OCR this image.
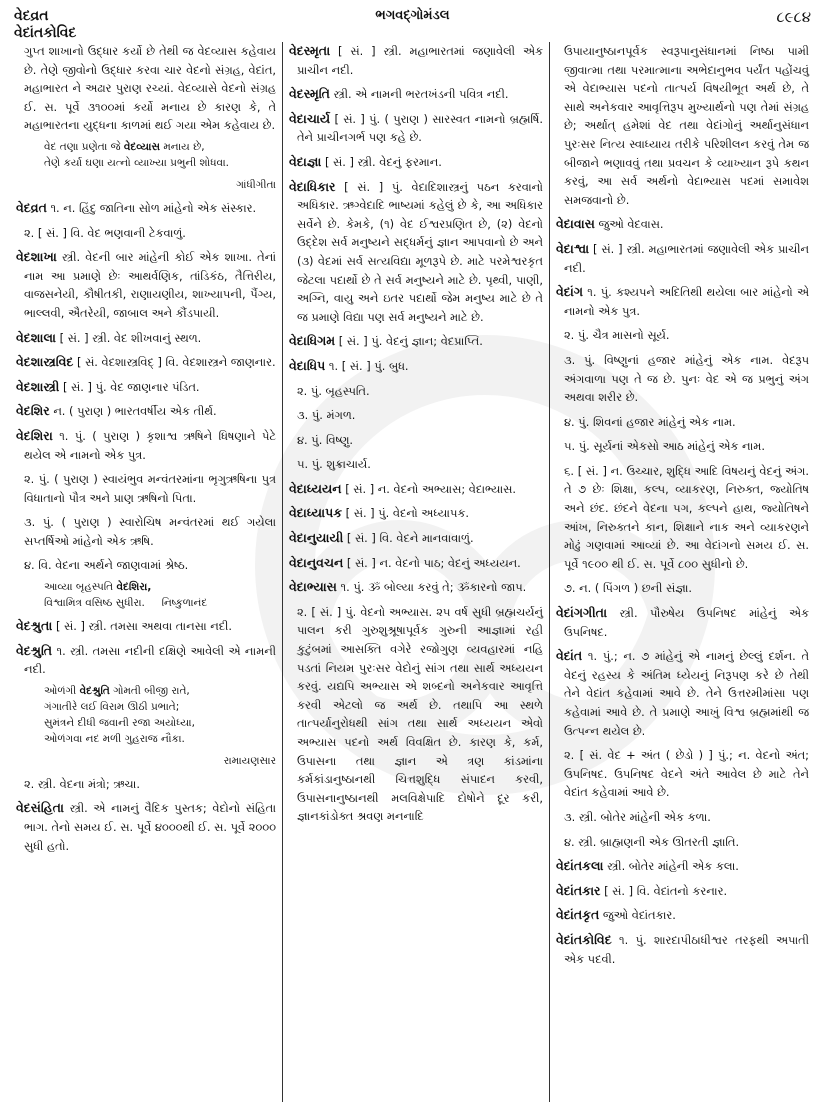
વેદવ્રત
વેદાંતકોવિદ
ભગવદ્ગોમંડલ	૮૯૮૪
ગુપ્ત શાખાનો ઉદ્ધાર કર્યો છે તેથી જ વેદવ્યાસ કહેવાય છે. તેણે જીવોનો ઉદ્ધાર કરવા ચાર વેદનો સંગ્રહ, વેદાંત, મહાભારત ને અઢાર પુરાણ રચ્યાં. વેદવ્યાસે વેદનો સંગ્રહ ઈ. સ. પૂર્વે ૩૧૦૦માં કર્યો મનાય છે કારણ કે, તે મહાભારતના યુદ્ધના કાળમાં થઈ ગયા એમ કહેવાય છે.
વેદ તણા પ્રણેતા જે વેદવ્યાસ મનાય છે,
તેણે કર્યા ઘણા યત્નો વ્યાખ્યા પ્રભુની શોધવા.
ગાંધીગીતા
વેદવ્રત ૧. ન. હિંદુ જાતિના સોળ માંહેનો એક સંસ્કાર.
૨. [ સં. ] વિ. વેદ ભણવાની ટેકવાળું.
વેદશાખા સ્ત્રી. વેદની બાર માંહેની કોઈ એક શાખા. તેનાં નામ આ પ્રમાણે છેઃ આથર્વણિક, તાંડિકંઠ, તૈત્તિરીય, વાજસનેયી, કૌષીતકી, રાણાયણીય, શાખ્યાપની, પૈંગ્ય, ભાલ્લવી, ઐતરેયી, જાબાલ અને કૌંડપાયી.
વેદશાલા [ સં. ] સ્ત્રી. વેદ શીખવાનું સ્થળ.
વેદશાસ્ત્રવિદ [ સં. વેદશાસ્ત્રવિદ્ ] વિ. વેદશાસ્ત્રને જાણનાર.
વેદશાસ્ત્રી [ સં. ] પું. વેદ જાણનાર પંડિત.
વેદશિર ન. ( પુરાણ ) ભારતવર્ષીય એક તીર્થ.
વેદશિરા ૧. પું. ( પુરાણ ) કૃશાશ્વ ઋષિને ધિષણાને પેટે થયેલ એ નામનો એક પુત્ર.
૨. પું. ( પુરાણ ) સ્વાયંભુવ મન્વંતરમાંના ભૃગુઋષિના પુત્ર વિધાતાનો પૌત્ર અને પ્રાણ ઋષિનો પિતા.
૩. પું. ( પુરાણ ) સ્વારોચિષ મન્વંતરમાં થઈ ગયેલા સપ્તર્ષિઓ માંહેનો એક ઋષિ.
૪. વિ. વેદના અર્થને જાણવામાં શ્રેષ્ઠ.
આવ્યા બૃહસ્પતિ વેદશિરા,
વિશ્વામિત્ર વસિષ્ઠ સુધીરા. નિષ્કુળાનંદ
વેદશ્રુતા [ સં. ] સ્ત્રી. તમસા અથવા તાનસા નદી.
વેદશ્રુતિ ૧. સ્ત્રી. તમસા નદીની દક્ષિણે આવેલી એ નામની નદી.
ઓળંગી વેદશ્રુતિ ગોમતી બીજી રાતે,
ગંગાતીરે લઈ વિરામ ઊઠી પ્રભાતે;
સુમંત્રને દીધી જવાની રજા અયોધ્યા,
ઓળંગવા નદ મળી ગુહરાજ નૌકા.
રામાયણસાર
૨. સ્ત્રી. વેદના મંત્રો; ઋચા.
વેદસંહિતા સ્ત્રી. એ નામનું વૈદિક પુસ્તક; વેદોનો સંહિતા ભાગ. તેનો સમય ઈ. સ. પૂર્વે ૪૦૦૦થી ઈ. સ. પૂર્વે ૨૦૦૦ સુધી હતો.
વેદસ્મૃતા [ સં. ] સ્ત્રી. મહાભારતમાં જણાવેલી એક પ્રાચીન નદી.
વેદસ્મૃતિ સ્ત્રી. એ નામની ભરતખંડની પવિત્ર નદી.
વેદાચાર્ય [ સં. ] પું. ( પુરાણ ) સારસ્વત નામનો બ્રહ્મર્ષિ. તેને પ્રાચીનગર્ભ પણ કહે છે.
વેદાજ્ઞા [ સં. ] સ્ત્રી. વેદનું ફરમાન.
વેદાધિકાર [ સં. ] પું. વેદાદિશાસ્ત્રનું પઠન કરવાનો અધિકાર. ઋગ્વેદાદિ ભાષ્યમાં કહેલું છે કે, આ અધિકાર સર્વેને છે. કેમકે, (૧) વેદ ઈશ્વરપ્રણિત છે, (૨) વેદનો ઉદ્દેશ સર્વ મનુષ્યને સદ્ધર્મનું જ્ઞાન આપવાનો છે અને (૩) વેદમાં સર્વ સત્યવિદ્યા મૂળરૂપે છે. માટે પરમેશ્વરકૃત જેટલા પદાર્થો છે તે સર્વ મનુષ્યને માટે છે. પૃથ્વી, પાણી, અગ્નિ, વાયુ અને ઇતર પદાર્થો જેમ મનુષ્ય માટે છે તે જ પ્રમાણે વિદ્યા પણ સર્વ મનુષ્યને માટે છે.
વેદાધિગમ [ સં. ] પું. વેદનું જ્ઞાન; વેદપ્રાપ્તિ.
વેદાધિપ ૧. [ સં. ] પું. બુધ.
૨. પું. બૃહસ્પતિ.
૩. પું. મંગળ.
૪. પું. વિષ્ણુ.
૫. પું. શુક્રાચાર્ય.
વેદાધ્યયન [ સં. ] ન. વેદનો અભ્યાસ; વેદાભ્યાસ.
વેદાધ્યાપક [ સં. ] પું. વેદનો અધ્યાપક.
વેદાનુયાયી [ સં. ] વિ. વેદને માનવાવાળું.
વેદાનુવચન [ સં. ] ન. વેદનો પાઠ; વેદનું અધ્યયન.
વેદાભ્યાસ ૧. પું. ૐ બોલ્યા કરવું તે; ૐકારનો જાપ.
૨. [ સં. ] પું. વેદનો અભ્યાસ. ૨૫ વર્ષ સુધી બ્રહ્મચર્યનું પાલન કરી ગુરુશુશ્રૂષાપૂર્વક ગુરુની આજ્ઞામાં રહી કુટુંબમાં આસક્તિ વગેરે રજોગુણ વ્યવહારમાં નહિ પડતાં નિયમ પુરઃસર વેદોનું સાંગ તથા સાર્થ અધ્યયન કરવું. યદ્યપિ અભ્યાસ એ શબ્દનો અનેકવાર આવૃત્તિ કરવી એટલો જ અર્થ છે. તથાપિ આ સ્થળે તાત્પર્યાનુરોધથી સાંગ તથા સાર્થ અધ્યયન એવો અભ્યાસ પદનો અર્થ વિવક્ષિત છે. કારણ કે, કર્મ, ઉપાસના તથા જ્ઞાન એ ત્રણ કાંડમાંના કર્મકાંડાનુષ્ઠાનથી ચિત્તશુદ્ધિ સંપાદન કરવી, ઉપાસનાનુષ્ઠાનથી મલવિક્ષેપાદિ દોષોને દૂર કરી, જ્ઞાનકાંડોક્ત શ્રવણ મનનાદિ
ઉપાયાનુષ્ઠાનપૂર્વક સ્વરૂપાનુસંધાનમાં નિષ્ઠા પામી જીવાત્મા તથા પરમાત્માના અભેદાનુભવ પર્યંત પહોંચવું એ વેદાભ્યાસ પદનો તાત્પર્ય વિષયીભૂત અર્થ છે, તે સાથે અનેકવાર આવૃત્તિરૂપ મુખ્યાર્થનો પણ તેમાં સંગ્રહ છે; અર્થાત્ હમેશાં વેદ તથા વેદાંગોનું અર્થાનુસંધાન પુરઃસર નિત્ય સ્વાધ્યાય તરીકે પરિશીલન કરવું તેમ જ બીજાને ભણાવવું તથા પ્રવચન કે વ્યાખ્યાન રૂપે કથન કરવું, આ સર્વ અર્થનો વેદાભ્યાસ પદમાં સમાવેશ સમજવાનો છે.
વેદાવાસ જુઓ વેદવાસ.
વેદાશ્વા [ સં. ] સ્ત્રી. મહાભારતમાં જણાવેલી એક પ્રાચીન નદી.
વેદાંગ ૧. પું. કશ્યપને અદિતિથી થયેલા બાર માંહેનો એ નામનો એક પુત્ર.
૨. પું. ચૈત્ર માસનો સૂર્ય.
૩. પું. વિષ્ણુનાં હજાર માંહેનું એક નામ. વેદરૂપ અંગવાળા પણ તે જ છે. પુનઃ વેદ એ જ પ્રભુનું અંગ અથવા શરીર છે.
૪. પું. શિવનાં હજાર માંહેનું એક નામ.
૫. પું. સૂર્યનાં એકસો આઠ માંહેનું એક નામ.
૬. [ સં. ] ન. ઉચ્ચાર, શુદ્ધિ આદિ વિષયનું વેદનું અંગ. તે ૭ છેઃ શિક્ષા, કલ્પ, વ્યાકરણ, નિરુક્ત, જ્યોતિષ અને છંદ. છંદને વેદના પગ, કલ્પને હાથ, જ્યોતિષને આંખ, નિરુક્તને કાન, શિક્ષાને નાક અને વ્યાકરણને મોઢું ગણવામાં આવ્યાં છે. આ વેદાંગનો સમય ઈ. સ. પૂર્વે ૧૯૦૦ થી ઈ. સ. પૂર્વે ૮૦૦ સુધીનો છે.
૭. ન. ( પિંગળ ) છની સંજ્ઞા.
વેદાંગગીતા સ્ત્રી. પૌરુષેય ઉપનિષદ માંહેનું એક ઉપનિષદ.
વેદાંત ૧. પું.; ન. ૭ માંહેનું એ નામનું છેલ્લું દર્શન. તે વેદનું રહસ્ય કે અંતિમ ધ્યેયનું નિરૂપણ કરે છે તેથી તેને વેદાંત કહેવામાં આવે છે. તેને ઉત્તરમીમાંસા પણ કહેવામાં આવે છે. તે પ્રમાણે આખું વિશ્વ બ્રહ્મમાંથી જ ઉત્પન્ન થયેલ છે.
૨. [ સં. વેદ + અંત ( છેડો ) ] પું.; ન. વેદનો અંત; ઉપનિષદ. ઉપનિષદ વેદને અંતે આવેલ છે માટે તેને વેદાંત કહેવામાં આવે છે.
૩. સ્ત્રી. બોતેર માંહેની એક કળા.
૪. સ્ત્રી. બ્રાહ્મણની એક ઊતરતી જ્ઞાતિ.
વેદાંતકલા સ્ત્રી. બોતેર માંહેની એક કલા.
વેદાંતકાર [ સં. ] વિ. વેદાંતનો કરનાર.
વેદાંતકૃત જુઓ વેદાંતકાર.
વેદાંતકોવિદ ૧. પું. શારદાપીઠાધીશ્વર તરફથી અપાતી એક પદવી.
